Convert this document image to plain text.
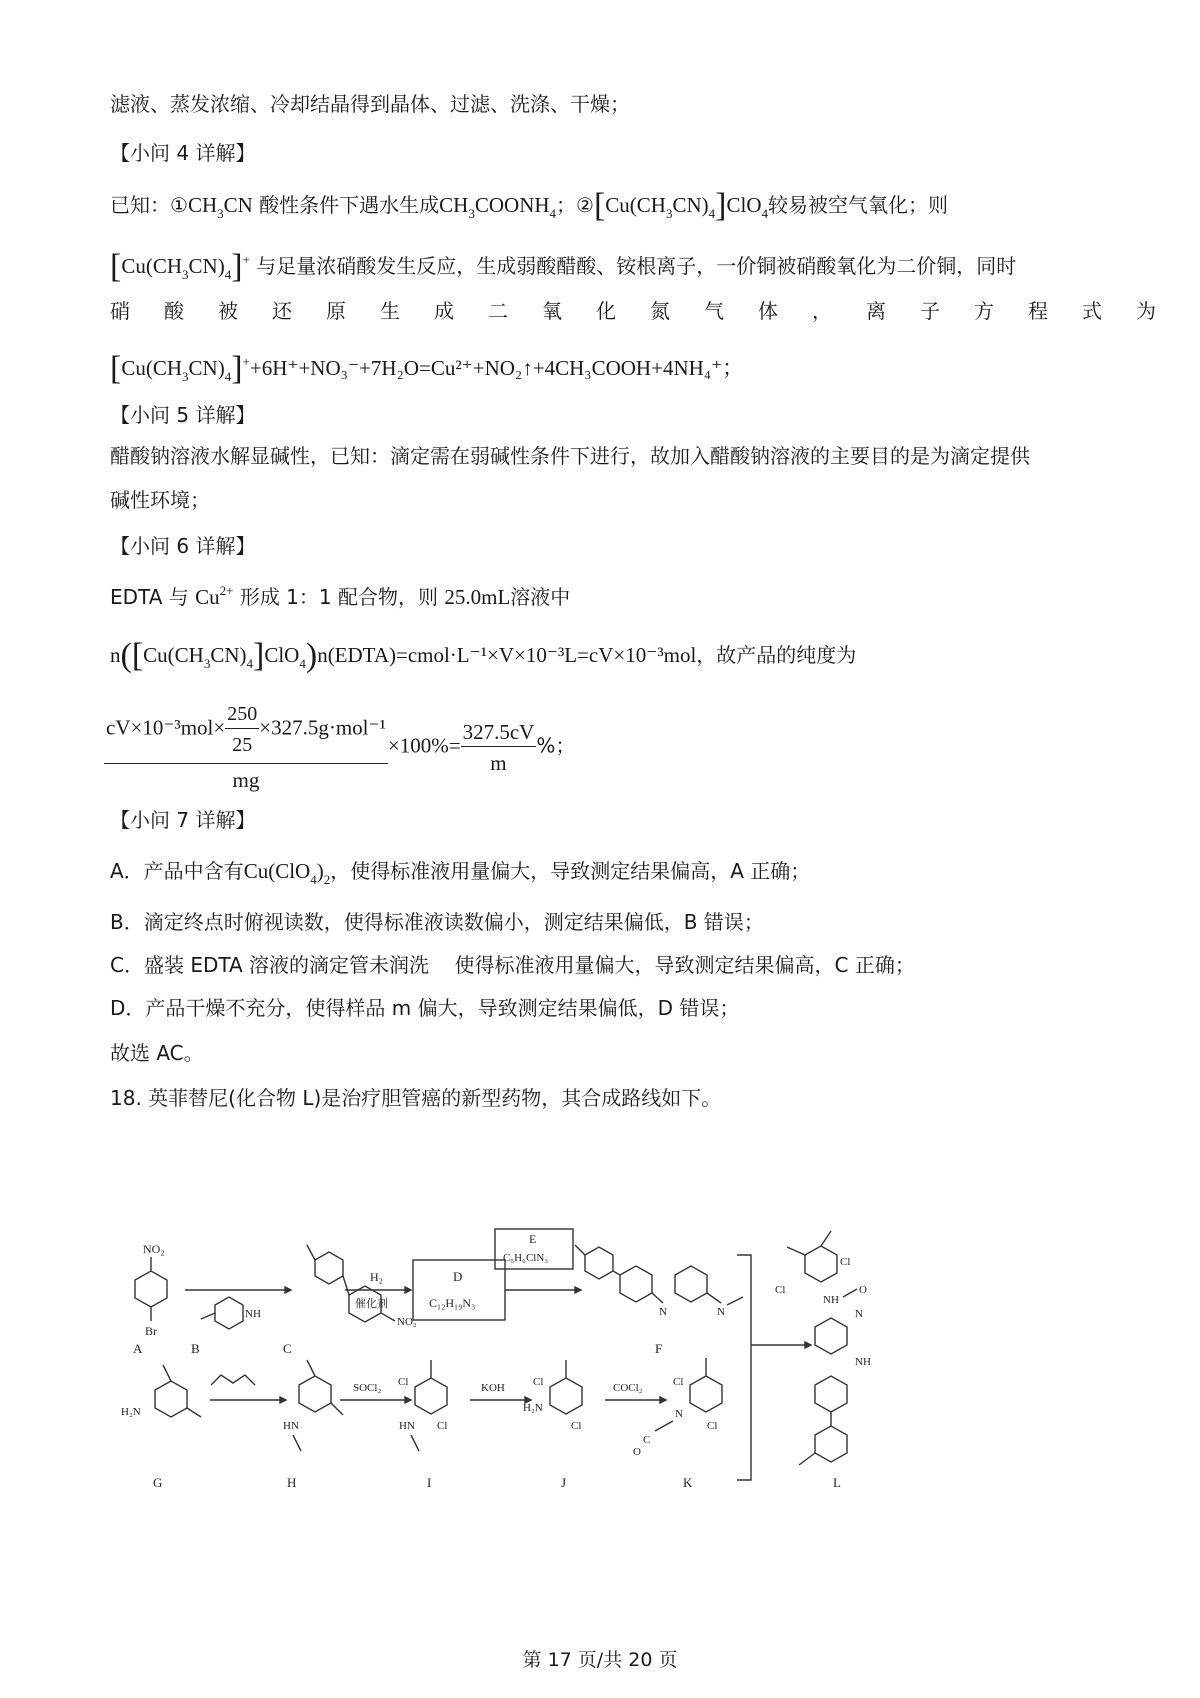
滤液、蒸发浓缩、冷却结晶得到晶体、过滤、洗涤、干燥；
【小问 4 详解】
已知：$①CH_3CN$ 酸性条件下遇水生成$CH_3COONH_4$；$②[Cu(CH_3CN)_4]ClO_4$较易被空气氧化；则
$[Cu(CH_3CN)_4]^+$ 与足量浓硝酸发生反应，生成弱酸醋酸、铵根离子，一价铜被硝酸氧化为二价铜，同时
硝酸被还原生成二氧化氮气体，离子方程式为
$[Cu(CH_3CN)_4]^++6H^++NO_3^-+7H_2O=Cu^{2+}+NO_2↑+4CH_3COOH+4NH_4^+$；
【小问 5 详解】
醋酸钠溶液水解显碱性，已知：滴定需在弱碱性条件下进行，故加入醋酸钠溶液的主要目的是为滴定提供
碱性环境；
【小问 6 详解】
EDTA 与 $Cu^{2+}$ 形成 1：1 配合物，则 25.0mL溶液中
$n([Cu(CH_3CN)_4]ClO_4)n(EDTA)=cmol\cdot L^{-1}\times V\times 10^{-3}L=cV\times 10^{-3}mol$，故产品的纯度为
$\frac{cV\times 10^{-3}mol\times \frac{250}{25} \times 327.5g\cdot mol^{-1}}{mg} \times 100\%= \frac{327.5cV}{m}$ %；
【小问 7 详解】
A．产品中含有$Cu(ClO_4)_2$，使得标准液用量偏大，导致测定结果偏高，A 正确；
B．滴定终点时俯视读数，使得标准液读数偏小，测定结果偏低，B 错误；
C．盛装 EDTA 溶液的滴定管未润洗    使得标准液用量偏大，导致测定结果偏高，C 正确；
D．产品干燥不充分，使得样品 m 偏大，导致测定结果偏低，D 错误；
故选 AC。
18. 英菲替尼(化合物 L)是治疗胆管癌的新型药物，其合成路线如下。
NO₂
Br
NH
NO₂
H₂
催化剂
D
C₁₂H₁₉N₃
E
C₅H₆ClN₃
N	N
Cl
Cl
NH
O
N
NH
H₂N
HN
SOCl₂ Cl
Cl
HN
KOH	Cl
Cl
H₂N
COCl₂	Cl
Cl
N
C
O
A	B	C	F
G	H	I	J	K	L
第 17 页/共 20 页
